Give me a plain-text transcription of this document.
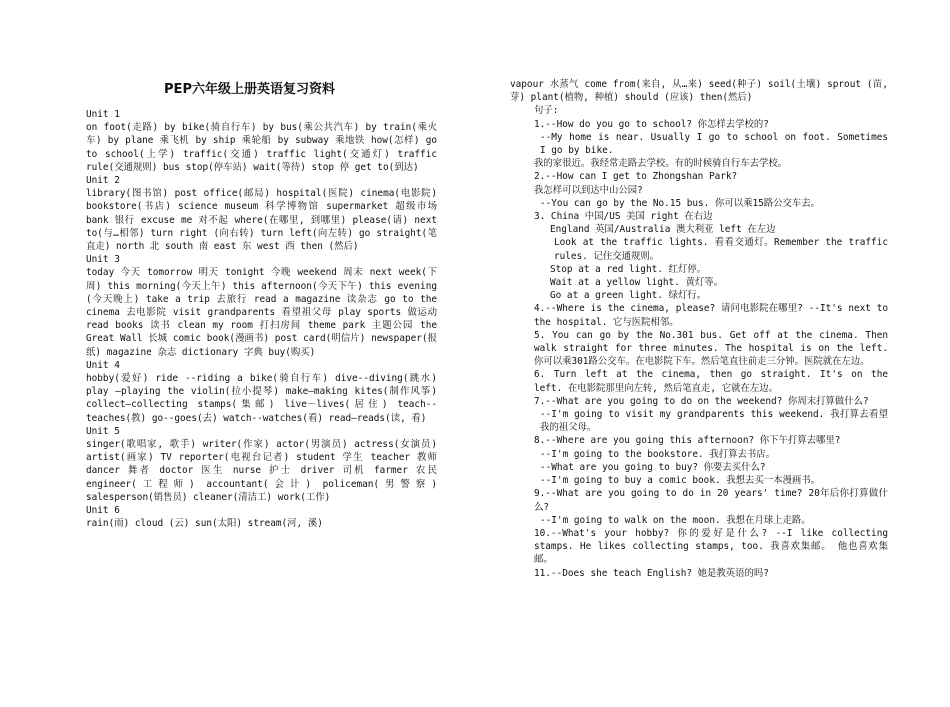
PEP六年级上册英语复习资料

Unit 1

on foot(走路) by bike(骑自行车) by bus(乘公共汽车) by train(乘火车) by plane 乘飞机 by ship 乘轮船 by subway 乘地铁 how(怎样) go to school(上学) traffic(交通) traffic light(交通灯) traffic rule(交通规则) bus stop(停车站) wait(等待) stop 停 get to(到达)

Unit 2

library(图书馆) post office(邮局) hospital(医院) cinema(电影院) bookstore(书店) science museum 科学博物馆 supermarket 超级市场 bank 银行 excuse me 对不起 where(在哪里, 到哪里) please(请) next to(与…相邻) turn right (向右转) turn left(向左转) go straight(笔直走) north 北 south 南 east 东 west 西 then (然后)

Unit 3

today 今天 tomorrow 明天 tonight 今晚 weekend 周末 next week(下周) this morning(今天上午) this afternoon(今天下午) this evening (今天晚上) take a trip 去旅行 read a magazine 读杂志 go to the cinema 去电影院 visit grandparents 看望祖父母 play sports 做运动 read books 读书 clean my room 打扫房间 theme park 主题公园 the Great Wall 长城 comic book(漫画书) post card(明信片) newspaper(报纸) magazine 杂志 dictionary 字典 buy(购买)

Unit 4

hobby(爱好) ride --riding a bike(骑自行车) dive--diving(跳水) play —playing the violin(拉小提琴) make—making kites(制作风筝) collect—collecting stamps(集邮) live－lives(居住) teach--teaches(教) go--goes(去) watch--watches(看) read—reads(读, 看)

Unit 5

singer(歌唱家, 歌手) writer(作家) actor(男演员) actress(女演员) artist(画家) TV reporter(电视台记者) student 学生 teacher 教师 dancer 舞者 doctor 医生 nurse 护士 driver 司机 farmer 农民 engineer(工程师) accountant(会计) policeman(男警察) salesperson(销售员) cleaner(清洁工) work(工作)

Unit 6

rain(雨) cloud (云) sun(太阳) stream(河, 溪)

vapour 水蒸气 come from(来自, 从…来) seed(种子) soil(土壤) sprout (苗, 芽) plant(植物, 种植) should (应该) then(然后)

句子:

1.--How do you go to school? 你怎样去学校的?

--My home is near. Usually I go to school on foot. Sometimes I go by bike.

我的家很近。我经常走路去学校。有的时候骑自行车去学校。

2.--How can I get to Zhongshan Park?

我怎样可以到达中山公园?

--You can go by the No.15 bus. 你可以乘15路公交车去。

3. China 中国/US 美国 right 在右边

England 英国/Australia 澳大利亚 left 在左边

Look at the traffic lights. 看看交通灯。Remember the traffic rules. 记住交通规则。

Stop at a red light. 红灯停。

Wait at a yellow light. 黄灯等。

Go at a green light. 绿灯行。

4.--Where is the cinema, please? 请问电影院在哪里? --It's next to the hospital. 它与医院相邻。

5. You can go by the No.301 bus. Get off at the cinema. Then walk straight for three minutes. The hospital is on the left. 你可以乘301路公交车。在电影院下车。然后笔直往前走三分钟。医院就在左边。

6. Turn left at the cinema, then go straight. It's on the left. 在电影院那里向左转, 然后笔直走, 它就在左边。

7.--What are you going to do on the weekend? 你周末打算做什么?

--I'm going to visit my grandparents this weekend. 我打算去看望我的祖父母。

8.--Where are you going this afternoon? 你下午打算去哪里?

--I'm going to the bookstore. 我打算去书店。

--What are you going to buy? 你要去买什么?

--I'm going to buy a comic book. 我想去买一本漫画书。

9.--What are you going to do in 20 years' time? 20年后你打算做什么?

--I'm going to walk on the moon. 我想在月球上走路。

10.--What's your hobby? 你的爱好是什么? --I like collecting stamps. He likes collecting stamps, too. 我喜欢集邮。 他也喜欢集邮。

11.--Does she teach English? 她是教英语的吗?
